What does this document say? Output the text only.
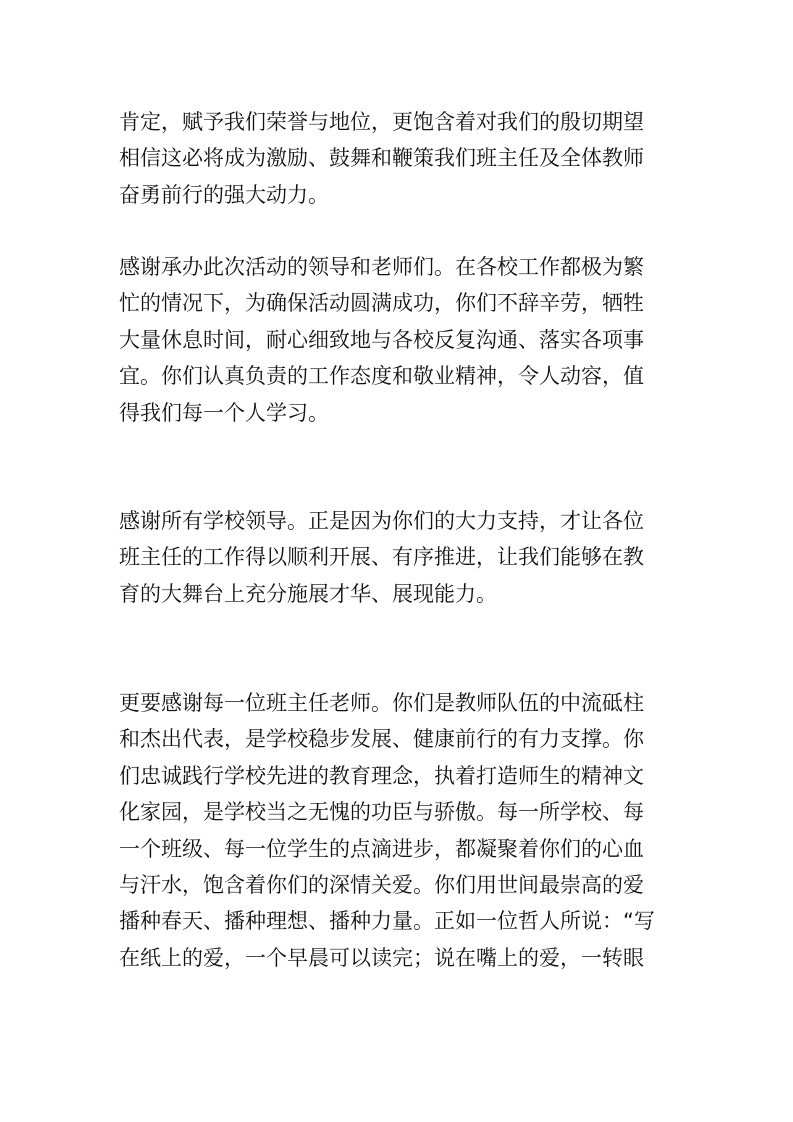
肯定，赋予我们荣誉与地位，更饱含着对我们的殷切期望
相信这必将成为激励、鼓舞和鞭策我们班主任及全体教师
奋勇前行的强大动力。
感谢承办此次活动的领导和老师们。在各校工作都极为繁
忙的情况下，为确保活动圆满成功，你们不辞辛劳，牺牲
大量休息时间，耐心细致地与各校反复沟通、落实各项事
宜。你们认真负责的工作态度和敬业精神，令人动容，值
得我们每一个人学习。
感谢所有学校领导。正是因为你们的大力支持，才让各位
班主任的工作得以顺利开展、有序推进，让我们能够在教
育的大舞台上充分施展才华、展现能力。
更要感谢每一位班主任老师。你们是教师队伍的中流砥柱
和杰出代表，是学校稳步发展、健康前行的有力支撑。你
们忠诚践行学校先进的教育理念，执着打造师生的精神文
化家园，是学校当之无愧的功臣与骄傲。每一所学校、每
一个班级、每一位学生的点滴进步，都凝聚着你们的心血
与汗水，饱含着你们的深情关爱。你们用世间最崇高的爱
播种春天、播种理想、播种力量。正如一位哲人所说：“写
在纸上的爱，一个早晨可以读完；说在嘴上的爱，一转眼
